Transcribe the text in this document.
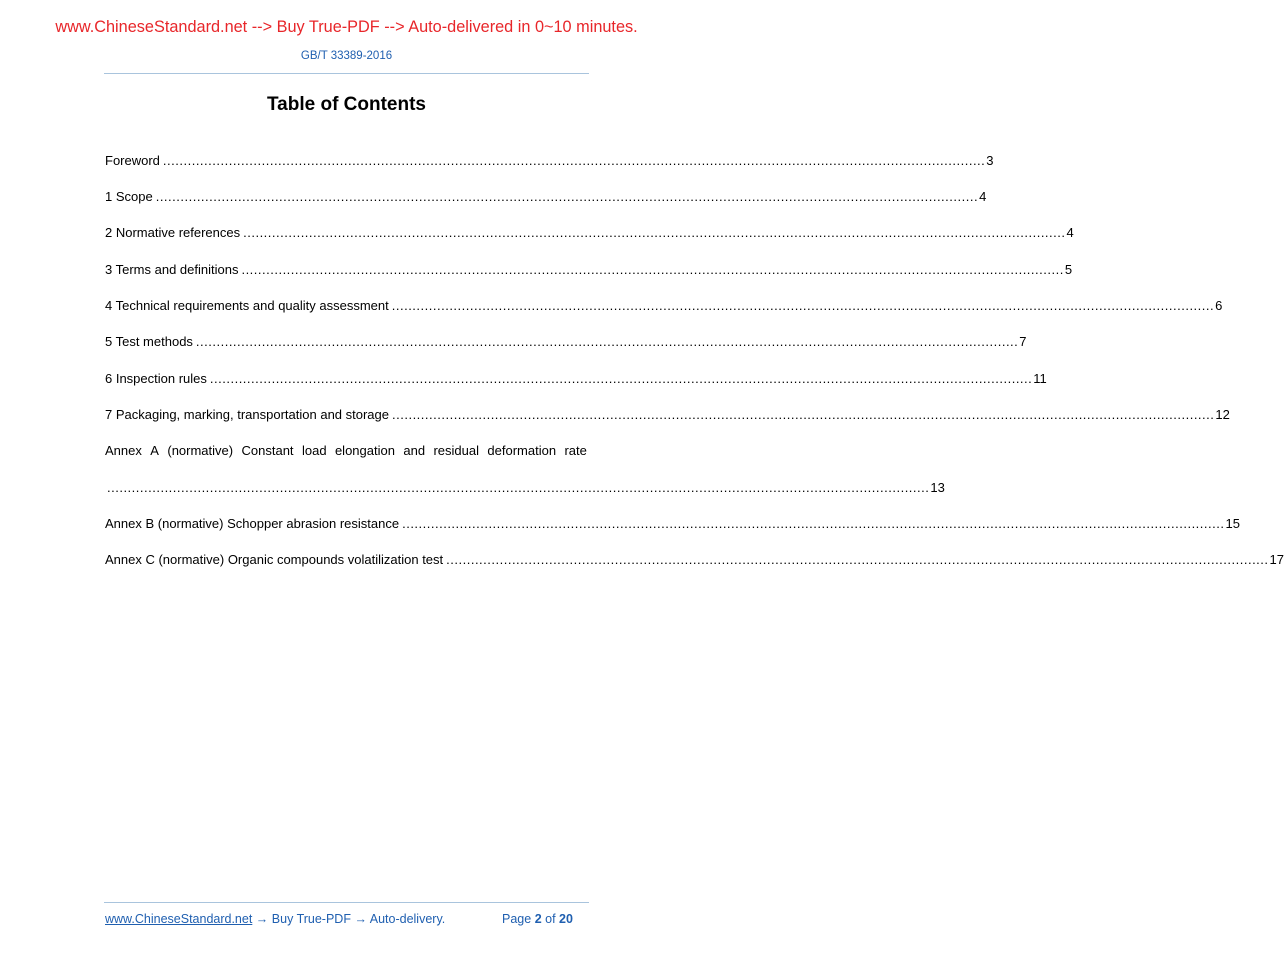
www.ChineseStandard.net --> Buy True-PDF --> Auto-delivered in 0~10 minutes.
GB/T 33389-2016
Table of Contents
Foreword ........................................................................................................................................................................................................ 3
1 Scope ........................................................................................................................................................................................................ 4
2 Normative references ........................................................................................................................................................................................................ 4
3 Terms and definitions ........................................................................................................................................................................................................ 5
4 Technical requirements and quality assessment ........................................................................................................................................................................................................ 6
5 Test methods ........................................................................................................................................................................................................ 7
6 Inspection rules ........................................................................................................................................................................................................ 11
7 Packaging, marking, transportation and storage ........................................................................................................................................................................................................ 12
Annex A (normative) Constant load elongation and residual deformation rate
........................................................................................................................................................................................................ 13
Annex B (normative) Schopper abrasion resistance ........................................................................................................................................................................................................ 15
Annex C (normative) Organic compounds volatilization test ........................................................................................................................................................................................................ 17
www.ChineseStandard.net → Buy True-PDF → Auto-delivery.	Page 2 of 20
